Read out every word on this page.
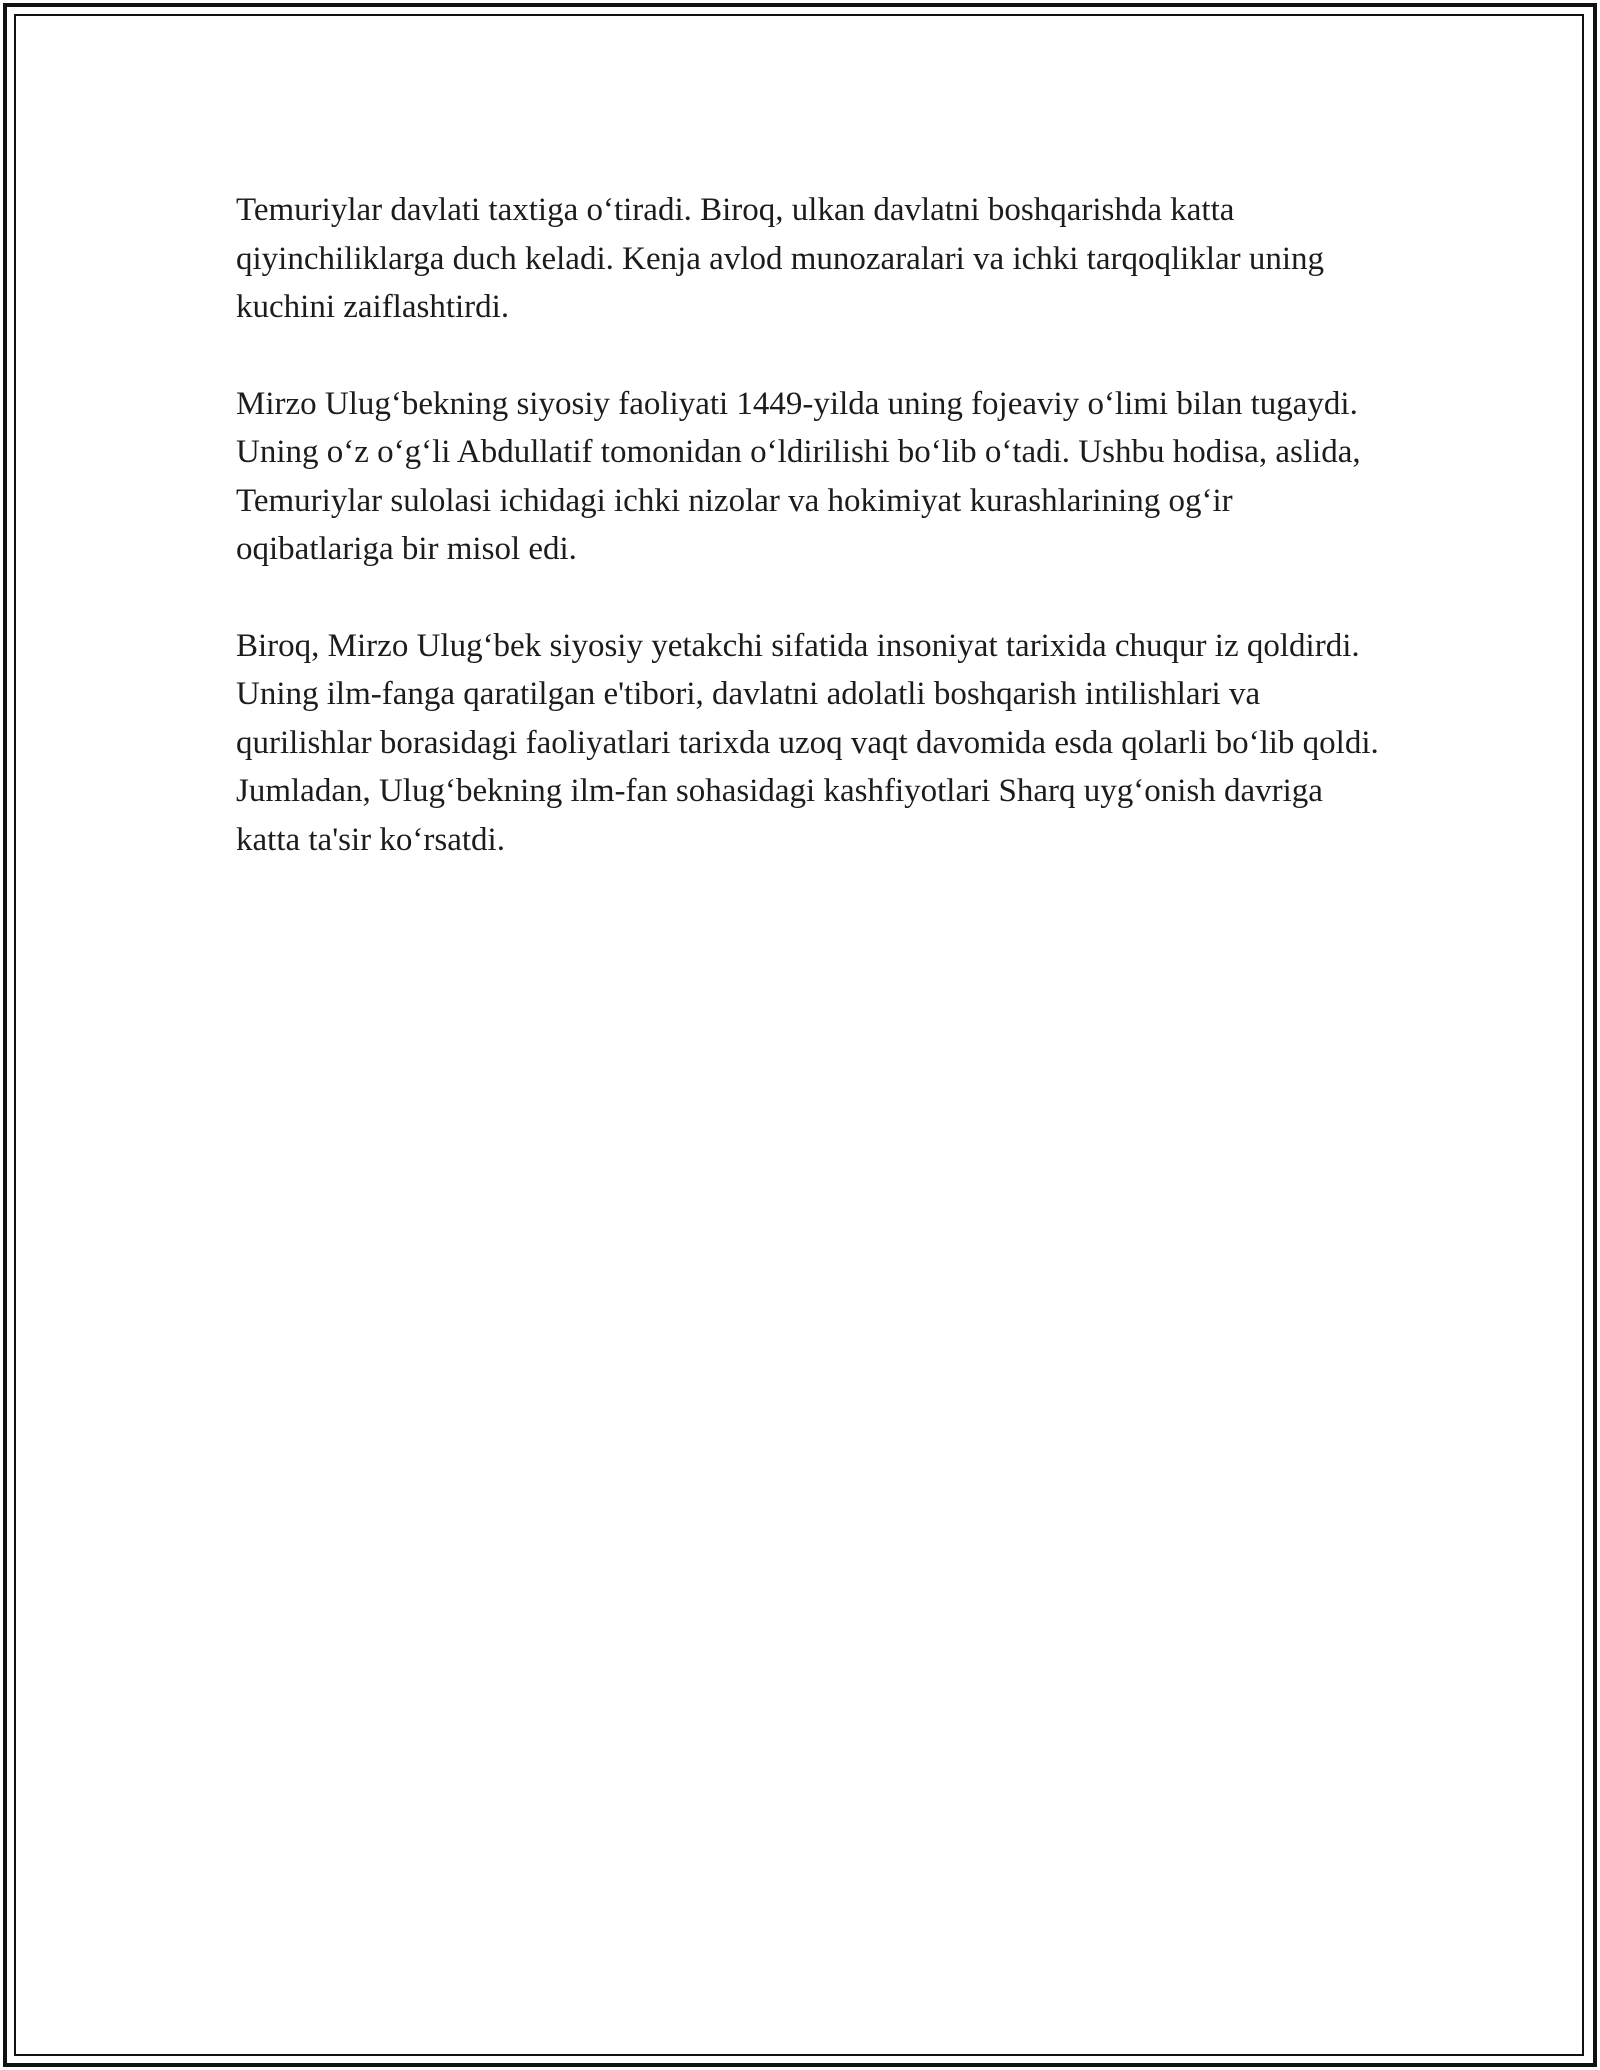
Temuriylar davlati taxtiga oʻtiradi. Biroq, ulkan davlatni boshqarishda katta qiyinchiliklarga duch keladi. Kenja avlod munozaralari va ichki tarqoqliklar uning kuchini zaiflashtirdi.

Mirzo Ulugʻbekning siyosiy faoliyati 1449-yilda uning fojeaviy oʻlimi bilan tugaydi. Uning oʻz oʻgʻli Abdullatif tomonidan oʻldirilishi boʻlib oʻtadi. Ushbu hodisa, aslida, Temuriylar sulolasi ichidagi ichki nizolar va hokimiyat kurashlarining ogʻir oqibatlariga bir misol edi.

Biroq, Mirzo Ulugʻbek siyosiy yetakchi sifatida insoniyat tarixida chuqur iz qoldirdi. Uning ilm-fanga qaratilgan e'tibori, davlatni adolatli boshqarish intilishlari va qurilishlar borasidagi faoliyatlari tarixda uzoq vaqt davomida esda qolarli boʻlib qoldi. Jumladan, Ulugʻbekning ilm-fan sohasidagi kashfiyotlari Sharq uygʻonish davriga katta ta'sir koʻrsatdi.
